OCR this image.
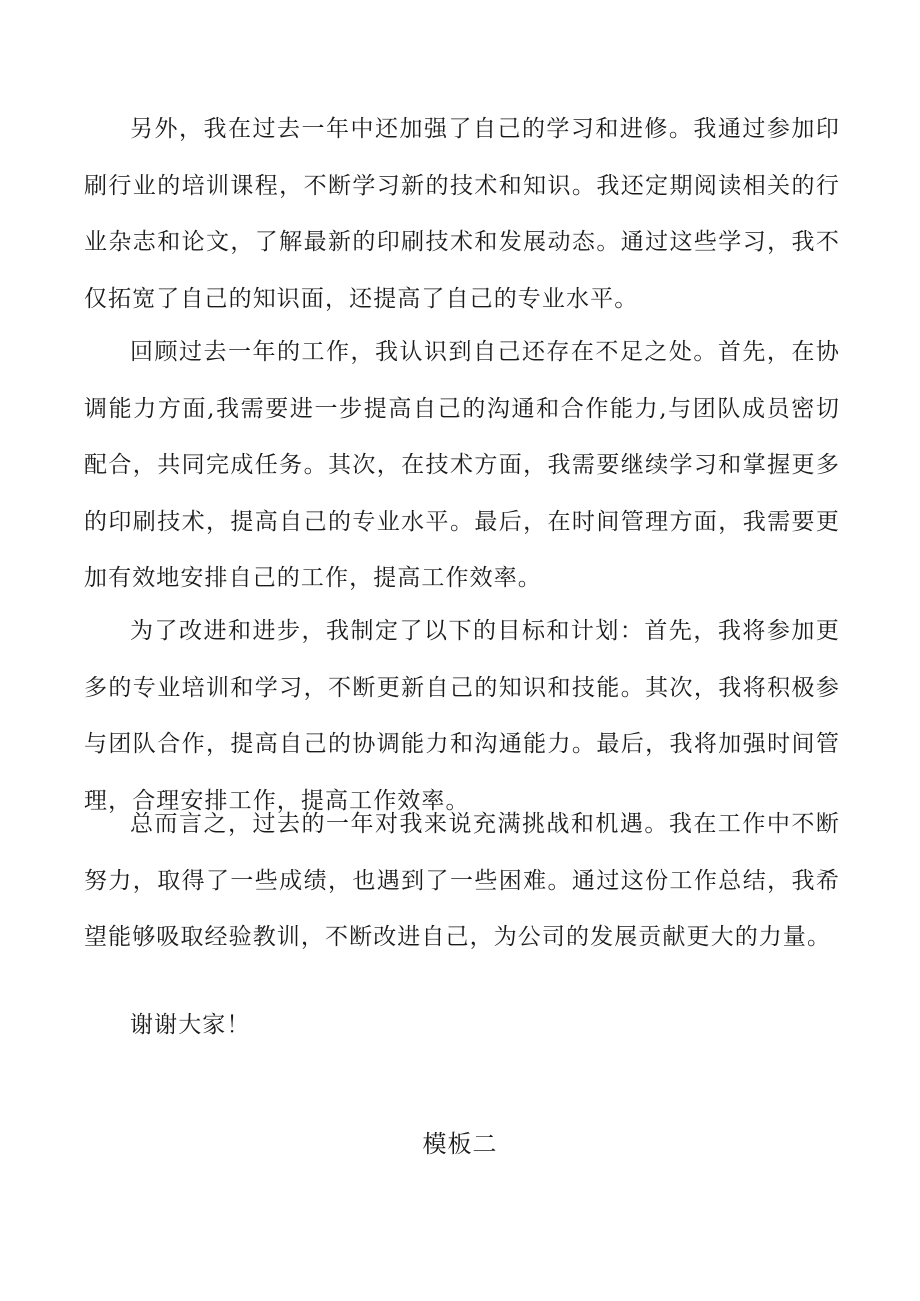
另外，我在过去一年中还加强了自己的学习和进修。我通过参加印刷行业的培训课程，不断学习新的技术和知识。我还定期阅读相关的行业杂志和论文，了解最新的印刷技术和发展动态。通过这些学习，我不仅拓宽了自己的知识面，还提高了自己的专业水平。

回顾过去一年的工作，我认识到自己还存在不足之处。首先，在协调能力方面,我需要进一步提高自己的沟通和合作能力,与团队成员密切配合，共同完成任务。其次，在技术方面，我需要继续学习和掌握更多的印刷技术，提高自己的专业水平。最后，在时间管理方面，我需要更加有效地安排自己的工作，提高工作效率。

为了改进和进步，我制定了以下的目标和计划：首先，我将参加更多的专业培训和学习，不断更新自己的知识和技能。其次，我将积极参与团队合作，提高自己的协调能力和沟通能力。最后，我将加强时间管理，合理安排工作，提高工作效率。

总而言之，过去的一年对我来说充满挑战和机遇。我在工作中不断努力，取得了一些成绩，也遇到了一些困难。通过这份工作总结，我希望能够吸取经验教训，不断改进自己，为公司的发展贡献更大的力量。

谢谢大家！

模板二
